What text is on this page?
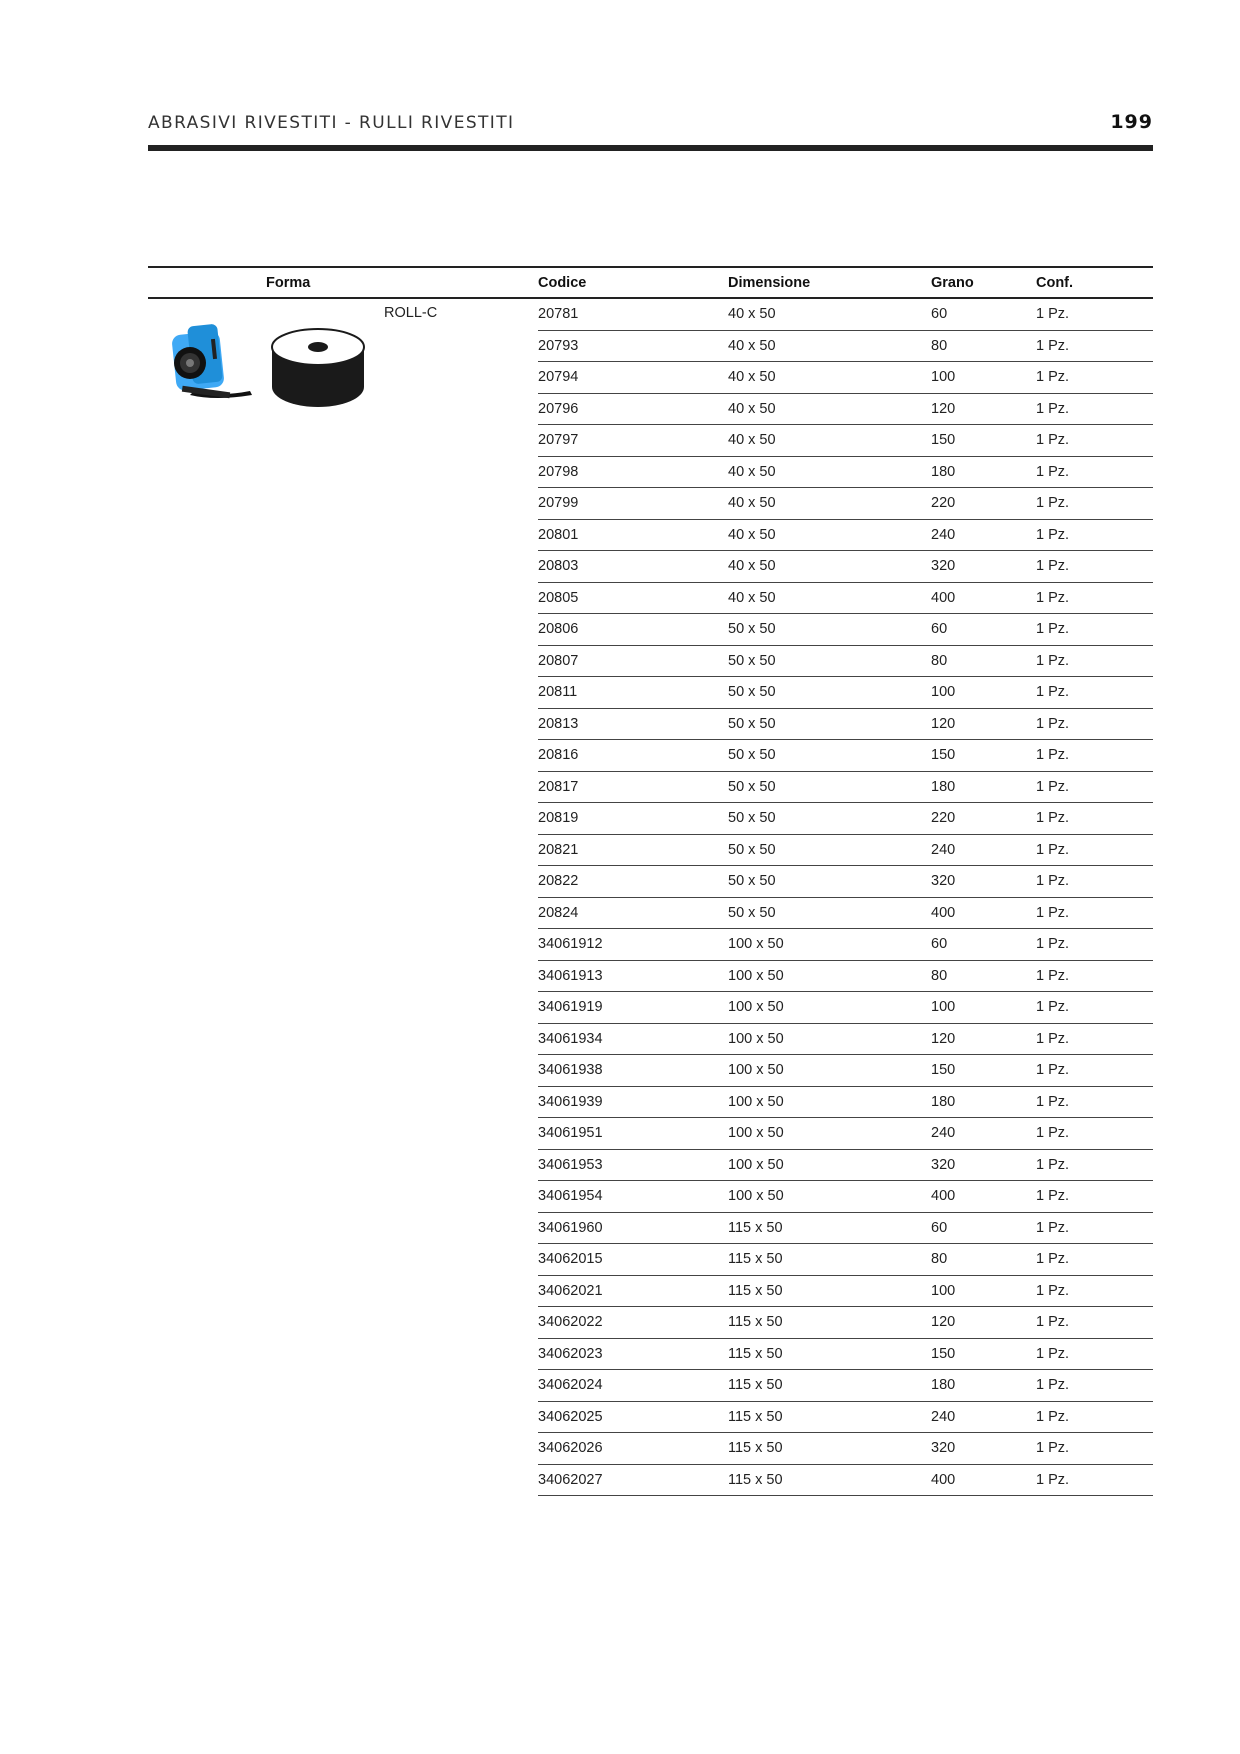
ABRASIVI RIVESTITI - RULLI RIVESTITI	199
Forma	Codice	Dimensione	Grano	Conf.

ROLL-C	20781	40 x 50	60	1 Pz.
	20793	40 x 50	80	1 Pz.
	20794	40 x 50	100	1 Pz.
	20796	40 x 50	120	1 Pz.
	20797	40 x 50	150	1 Pz.
	20798	40 x 50	180	1 Pz.
	20799	40 x 50	220	1 Pz.
	20801	40 x 50	240	1 Pz.
	20803	40 x 50	320	1 Pz.
	20805	40 x 50	400	1 Pz.
	20806	50 x 50	60	1 Pz.
	20807	50 x 50	80	1 Pz.
	20811	50 x 50	100	1 Pz.
	20813	50 x 50	120	1 Pz.
	20816	50 x 50	150	1 Pz.
	20817	50 x 50	180	1 Pz.
	20819	50 x 50	220	1 Pz.
	20821	50 x 50	240	1 Pz.
	20822	50 x 50	320	1 Pz.
	20824	50 x 50	400	1 Pz.
	34061912	100 x 50	60	1 Pz.
	34061913	100 x 50	80	1 Pz.
	34061919	100 x 50	100	1 Pz.
	34061934	100 x 50	120	1 Pz.
	34061938	100 x 50	150	1 Pz.
	34061939	100 x 50	180	1 Pz.
	34061951	100 x 50	240	1 Pz.
	34061953	100 x 50	320	1 Pz.
	34061954	100 x 50	400	1 Pz.
	34061960	115 x 50	60	1 Pz.
	34062015	115 x 50	80	1 Pz.
	34062021	115 x 50	100	1 Pz.
	34062022	115 x 50	120	1 Pz.
	34062023	115 x 50	150	1 Pz.
	34062024	115 x 50	180	1 Pz.
	34062025	115 x 50	240	1 Pz.
	34062026	115 x 50	320	1 Pz.
	34062027	115 x 50	400	1 Pz.
